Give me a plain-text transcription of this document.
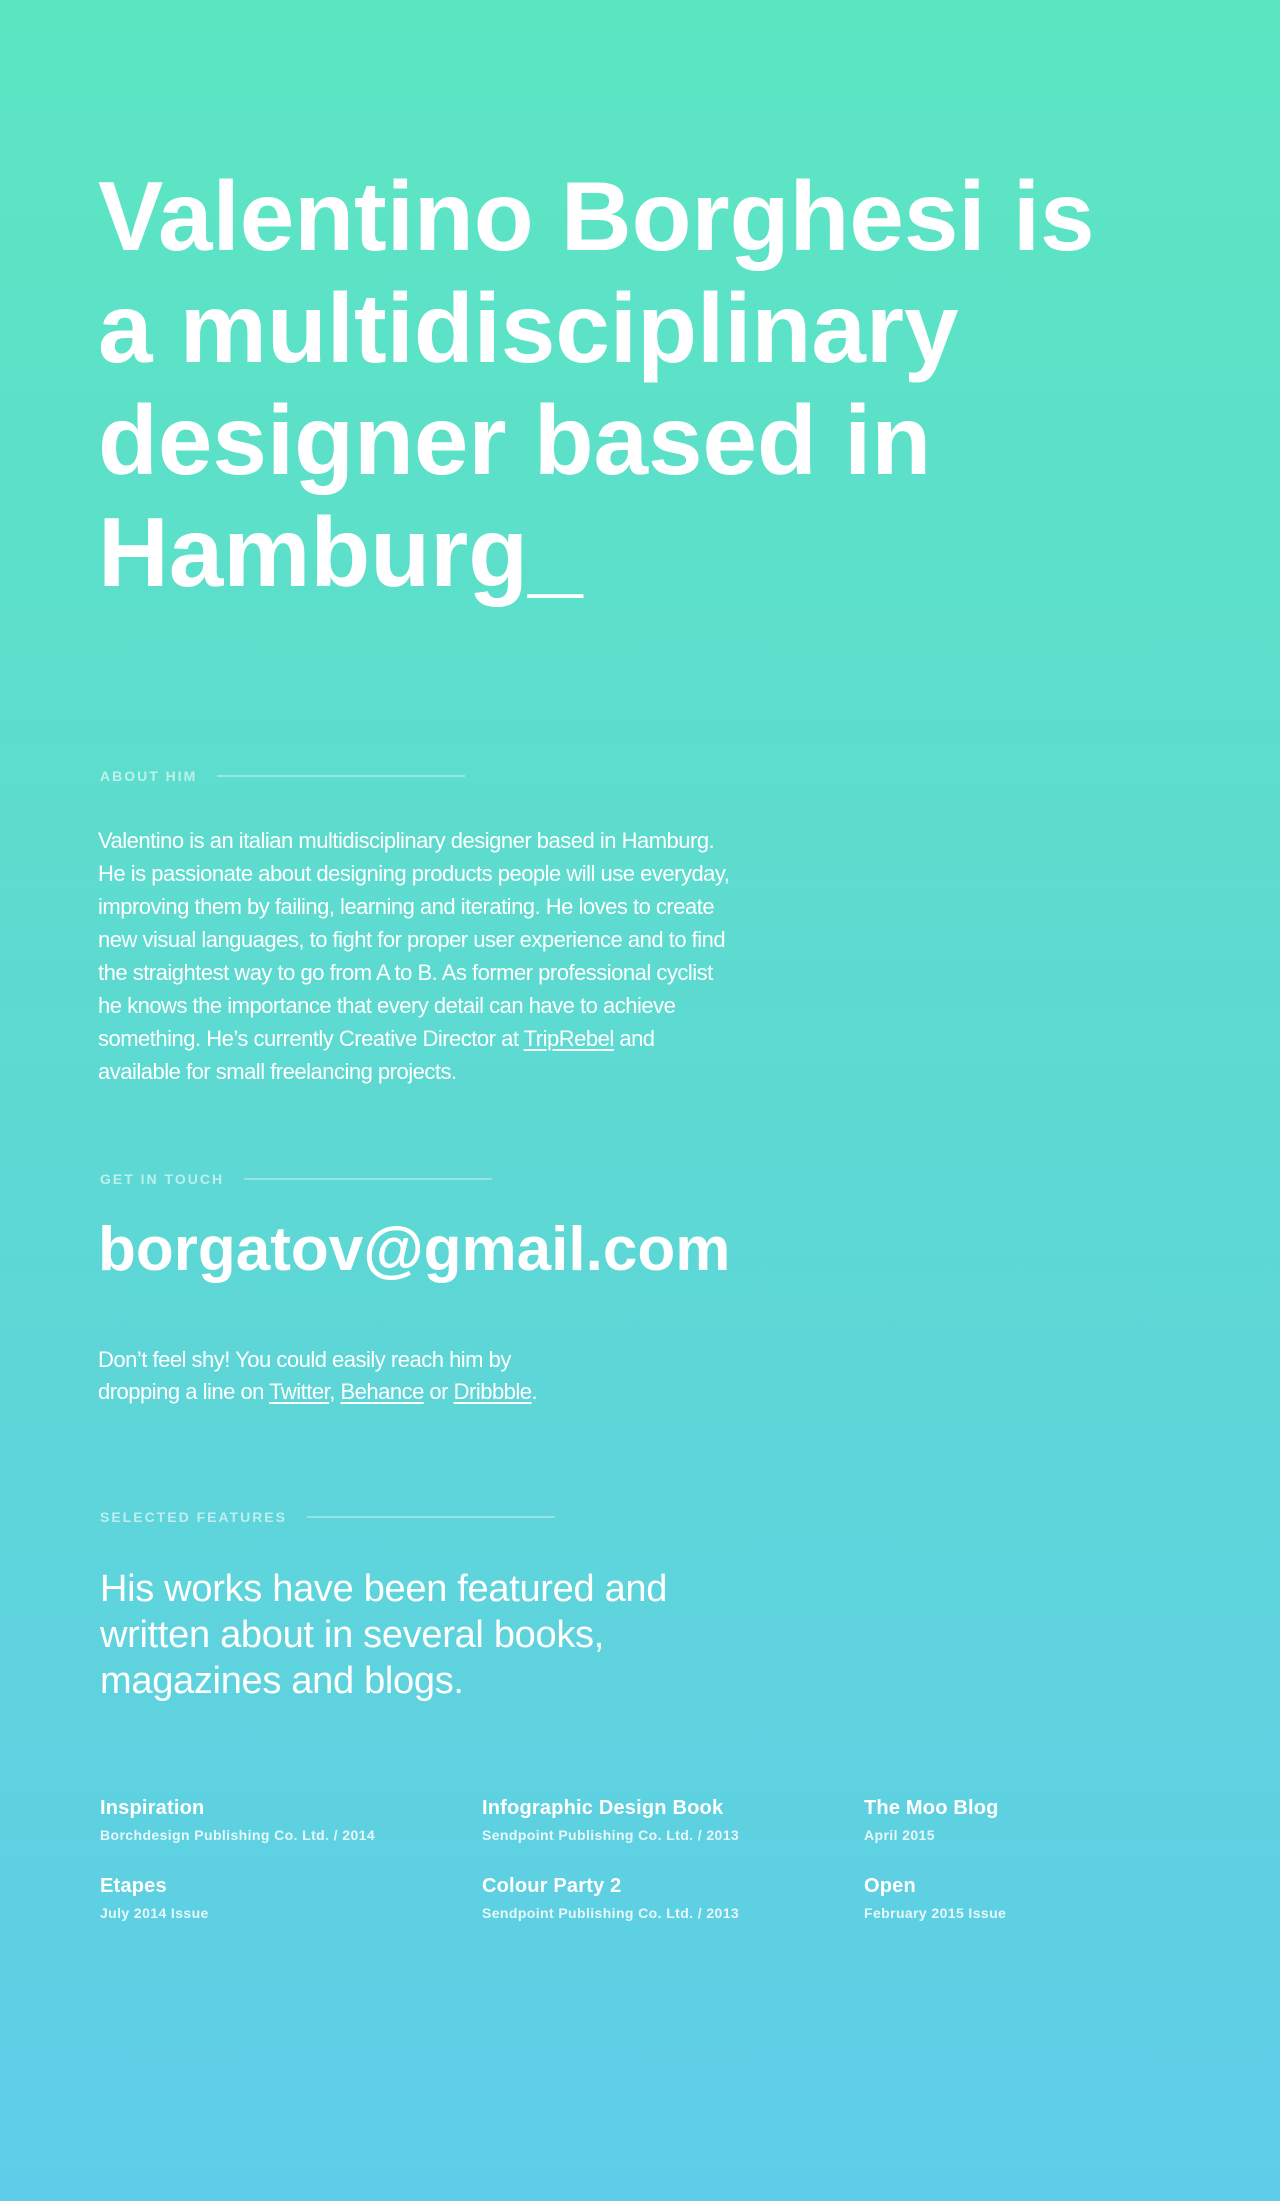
Valentino Borghesi is
a multidisciplinary
designer based in
Hamburg_
ABOUT HIM
Valentino is an italian multidisciplinary designer based in Hamburg.
He is passionate about designing products people will use everyday,
improving them by failing, learning and iterating. He loves to create
new visual languages, to fight for proper user experience and to find
the straightest way to go from A to B. As former professional cyclist
he knows the importance that every detail can have to achieve
something. He’s currently Creative Director at TripRebel and
available for small freelancing projects.
GET IN TOUCH
borgatov@gmail.com
Don’t feel shy! You could easily reach him by
dropping a line on Twitter, Behance or Dribbble.
SELECTED FEATURES
His works have been featured and
written about in several books,
magazines and blogs.
Inspiration
Borchdesign Publishing Co. Ltd. / 2014
Infographic Design Book
Sendpoint Publishing Co. Ltd. / 2013
The Moo Blog
April 2015
Etapes
July 2014 Issue
Colour Party 2
Sendpoint Publishing Co. Ltd. / 2013
Open
February 2015 Issue
